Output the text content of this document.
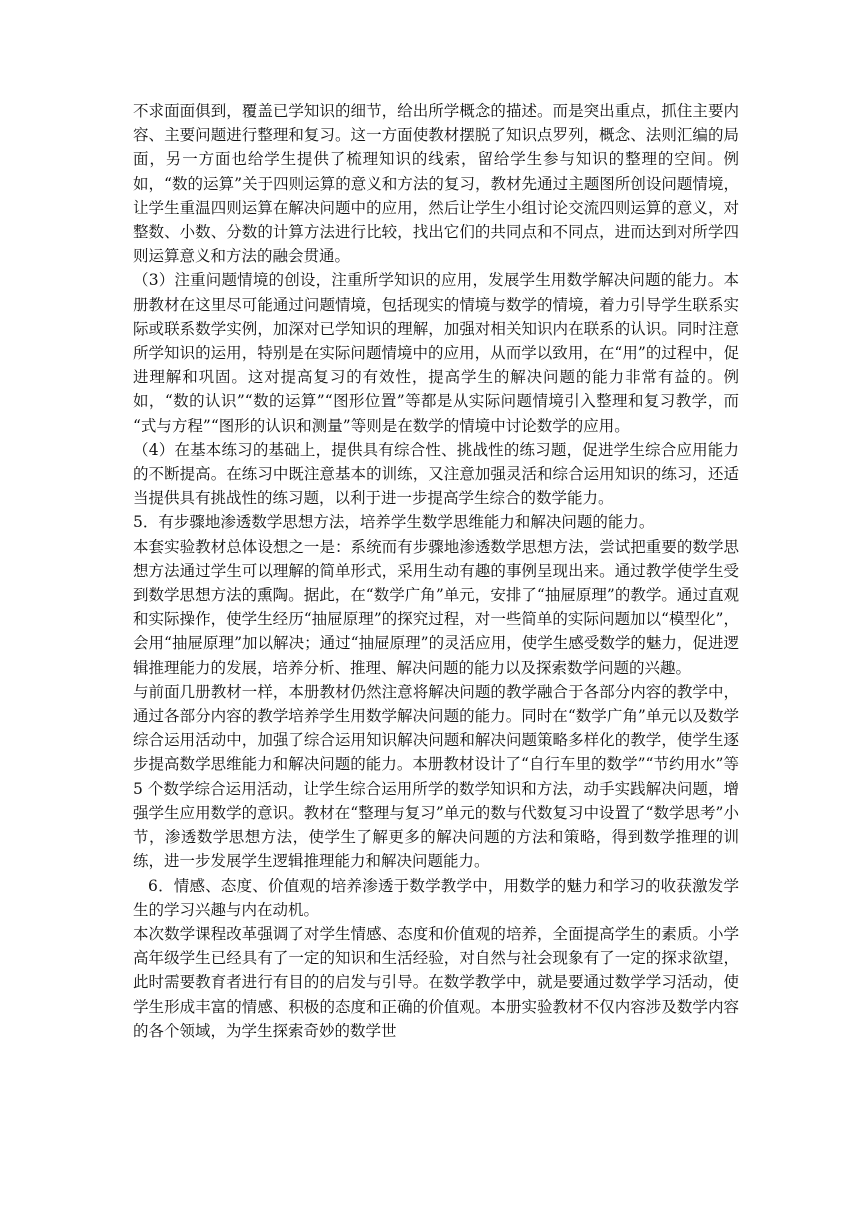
不求面面俱到，覆盖已学知识的细节，给出所学概念的描述。而是突出重点，抓住主要内容、主要问题进行整理和复习。这一方面使教材摆脱了知识点罗列，概念、法则汇编的局面，另一方面也给学生提供了梳理知识的线索，留给学生参与知识的整理的空间。例如，“数的运算”关于四则运算的意义和方法的复习，教材先通过主题图所创设问题情境，让学生重温四则运算在解决问题中的应用，然后让学生小组讨论交流四则运算的意义，对整数、小数、分数的计算方法进行比较，找出它们的共同点和不同点，进而达到对所学四则运算意义和方法的融会贯通。

（3）注重问题情境的创设，注重所学知识的应用，发展学生用数学解决问题的能力。本册教材在这里尽可能通过问题情境，包括现实的情境与数学的情境，着力引导学生联系实际或联系数学实例，加深对已学知识的理解，加强对相关知识内在联系的认识。同时注意所学知识的运用，特别是在实际问题情境中的应用，从而学以致用，在“用”的过程中，促进理解和巩固。这对提高复习的有效性，提高学生的解决问题的能力非常有益的。例如，“数的认识”“数的运算”“图形位置”等都是从实际问题情境引入整理和复习教学，而 “式与方程”“图形的认识和测量”等则是在数学的情境中讨论数学的应用。

（4）在基本练习的基础上，提供具有综合性、挑战性的练习题，促进学生综合应用能力的不断提高。在练习中既注意基本的训练，又注意加强灵活和综合运用知识的练习，还适当提供具有挑战性的练习题，以利于进一步提高学生综合的数学能力。

5．有步骤地渗透数学思想方法，培养学生数学思维能力和解决问题的能力。

本套实验教材总体设想之一是：系统而有步骤地渗透数学思想方法，尝试把重要的数学思想方法通过学生可以理解的简单形式，采用生动有趣的事例呈现出来。通过教学使学生受到数学思想方法的熏陶。据此，在“数学广角”单元，安排了“抽屉原理”的教学。通过直观和实际操作，使学生经历“抽屉原理”的探究过程，对一些简单的实际问题加以“模型化”，会用“抽屉原理”加以解决；通过“抽屉原理”的灵活应用，使学生感受数学的魅力，促进逻辑推理能力的发展，培养分析、推理、解决问题的能力以及探索数学问题的兴趣。

与前面几册教材一样，本册教材仍然注意将解决问题的教学融合于各部分内容的教学中，通过各部分内容的教学培养学生用数学解决问题的能力。同时在“数学广角”单元以及数学综合运用活动中，加强了综合运用知识解决问题和解决问题策略多样化的教学，使学生逐步提高数学思维能力和解决问题的能力。本册教材设计了“自行车里的数学”“节约用水”等 5 个数学综合运用活动，让学生综合运用所学的数学知识和方法，动手实践解决问题，增强学生应用数学的意识。教材在“整理与复习”单元的数与代数复习中设置了“数学思考”小节，渗透数学思想方法，使学生了解更多的解决问题的方法和策略，得到数学推理的训练，进一步发展学生逻辑推理能力和解决问题能力。

6．情感、态度、价值观的培养渗透于数学教学中，用数学的魅力和学习的收获激发学生的学习兴趣与内在动机。

本次数学课程改革强调了对学生情感、态度和价值观的培养，全面提高学生的素质。小学高年级学生已经具有了一定的知识和生活经验，对自然与社会现象有了一定的探求欲望，此时需要教育者进行有目的的启发与引导。在数学教学中，就是要通过数学学习活动，使学生形成丰富的情感、积极的态度和正确的价值观。本册实验教材不仅内容涉及数学内容的各个领域，为学生探索奇妙的数学世
